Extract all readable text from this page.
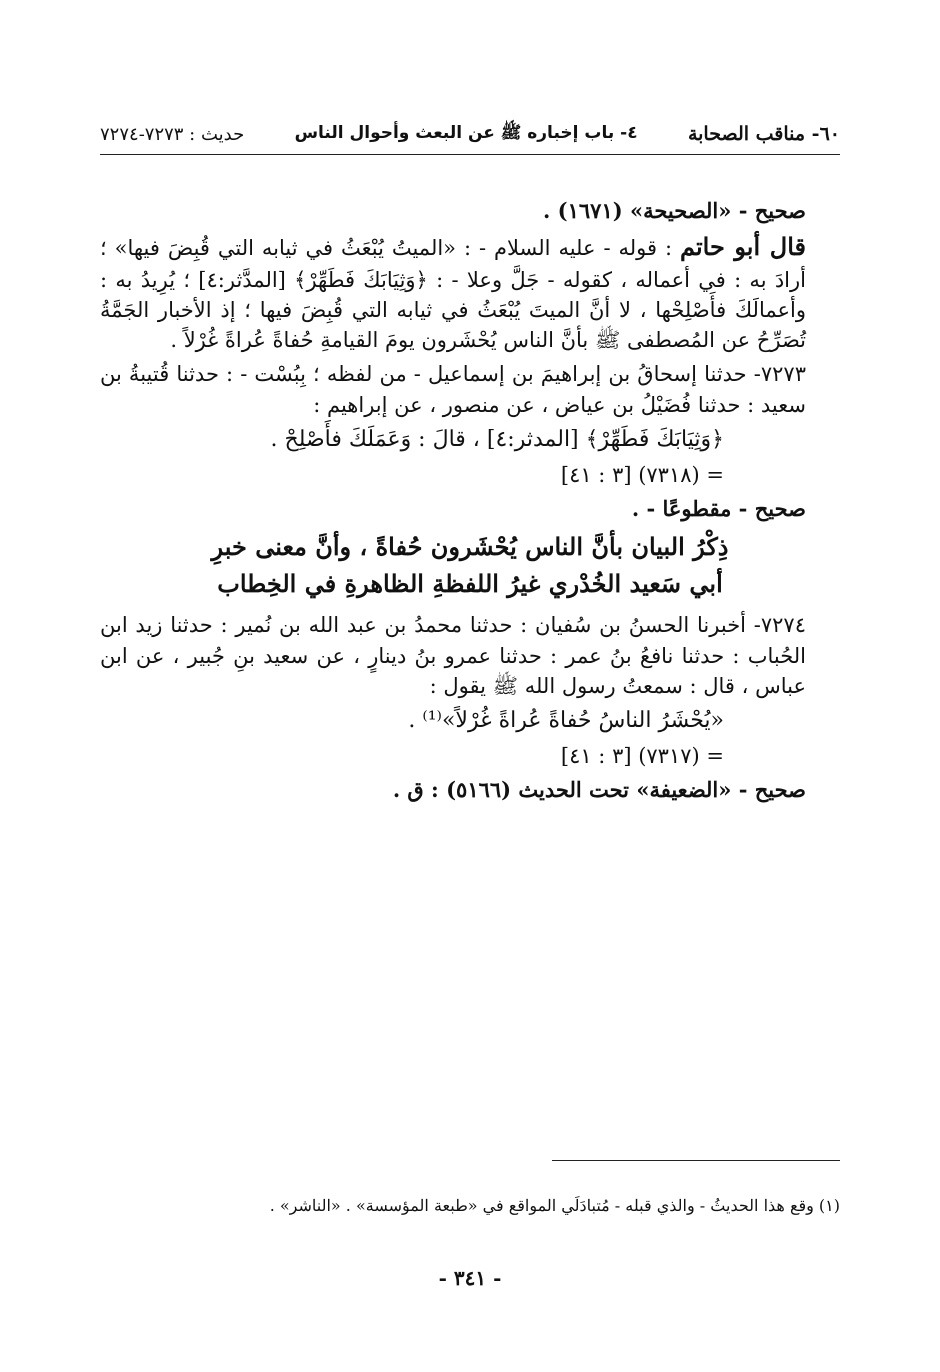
٦٠- مناقب الصحابة
٤- باب إخباره ﷺ عن البعث وأحوال الناس
حديث : ٧٢٧٣-٧٢٧٤

صحيح - «الصحيحة» (١٦٧١) .

قال أبو حاتم : قوله - عليه السلام - : «الميتُ يُبْعَثُ في ثيابه التي قُبِضَ فيها» ؛ أرادَ به : في أعماله ، كقوله - جَلَّ وعلا - : ﴿وَثِيَابَكَ فَطَهِّرْ﴾ [المدَّثر:٤] ؛ يُرِيدُ به : وأعمالَكَ فأَصْلِحْها ، لا أنَّ الميتَ يُبْعَثُ في ثيابه التي قُبِضَ فيها ؛ إذ الأخبار الجَمَّةُ تُصَرِّحُ عن المُصطفى ﷺ بأنَّ الناس يُحْشَرون يومَ القيامةِ حُفاةً عُراةً غُرْلاً .

٧٢٧٣- حدثنا إسحاقُ بن إبراهيمَ بن إسماعيل - من لفظه ؛ بِبُسْت - : حدثنا قُتيبةُ بن سعيد : حدثنا فُضَيْلُ بن عياض ، عن منصور ، عن إبراهيم :

﴿وَثِيَابَكَ فَطَهِّرْ﴾ [المدثر:٤] ، قالَ : وَعَمَلَكَ فأَصْلِحْ .

= (٧٣١٨) [٣ : ٤١]

صحيح - مقطوعًا - .

ذِكْرُ البيان بأنَّ الناس يُحْشَرون حُفاةً ، وأنَّ معنى خبرِ
أبي سَعيد الخُدْري غيرُ اللفظةِ الظاهرةِ في الخِطاب

٧٢٧٤- أخبرنا الحسنُ بن سُفيان : حدثنا محمدُ بن عبد الله بن نُمير : حدثنا زيد ابن الحُباب : حدثنا نافعُ بنُ عمر : حدثنا عمرو بنُ دينارٍ ، عن سعيد بنِ جُبير ، عن ابن عباس ، قال : سمعتُ رسول الله ﷺ يقول :

«يُحْشَرُ الناسُ حُفاةً عُراةً غُرْلاً»⁽¹⁾ .

= (٧٣١٧) [٣ : ٤١]

صحيح - «الضعيفة» تحت الحديث (٥١٦٦) : ق .

(١) وقع هذا الحديثُ - والذي قبله - مُتبادَلَي المواقع في «طبعة المؤسسة» . «الناشر» .
- ٣٤١ -
